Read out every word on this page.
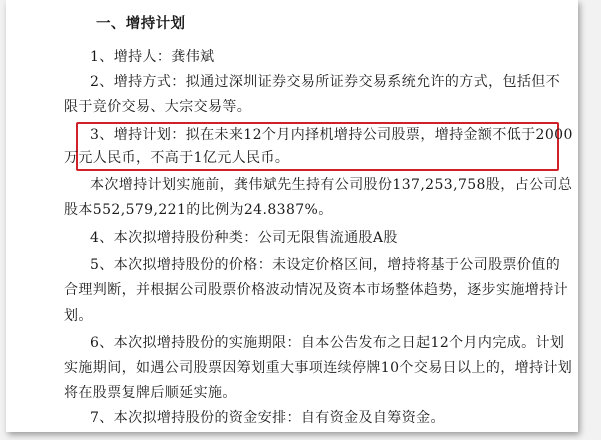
一、增持计划
1、增持人：龚伟斌
2、增持方式：拟通过深圳证券交易所证券交易系统允许的方式，包括但不
限于竞价交易、大宗交易等。
3、增持计划：拟在未来12个月内择机增持公司股票，增持金额不低于2000
万元人民币，不高于1亿元人民币。
本次增持计划实施前，龚伟斌先生持有公司股份137,253,758股，占公司总
股本552,579,221的比例为24.8387%。
4、本次拟增持股份种类：公司无限售流通股A股
5、本次拟增持股份的价格：未设定价格区间，增持将基于公司股票价值的
合理判断，并根据公司股票价格波动情况及资本市场整体趋势，逐步实施增持计
划。
6、本次拟增持股份的实施期限：自本公告发布之日起12个月内完成。计划
实施期间，如遇公司股票因筹划重大事项连续停牌10个交易日以上的，增持计划
将在股票复牌后顺延实施。
7、本次拟增持股份的资金安排：自有资金及自筹资金。
